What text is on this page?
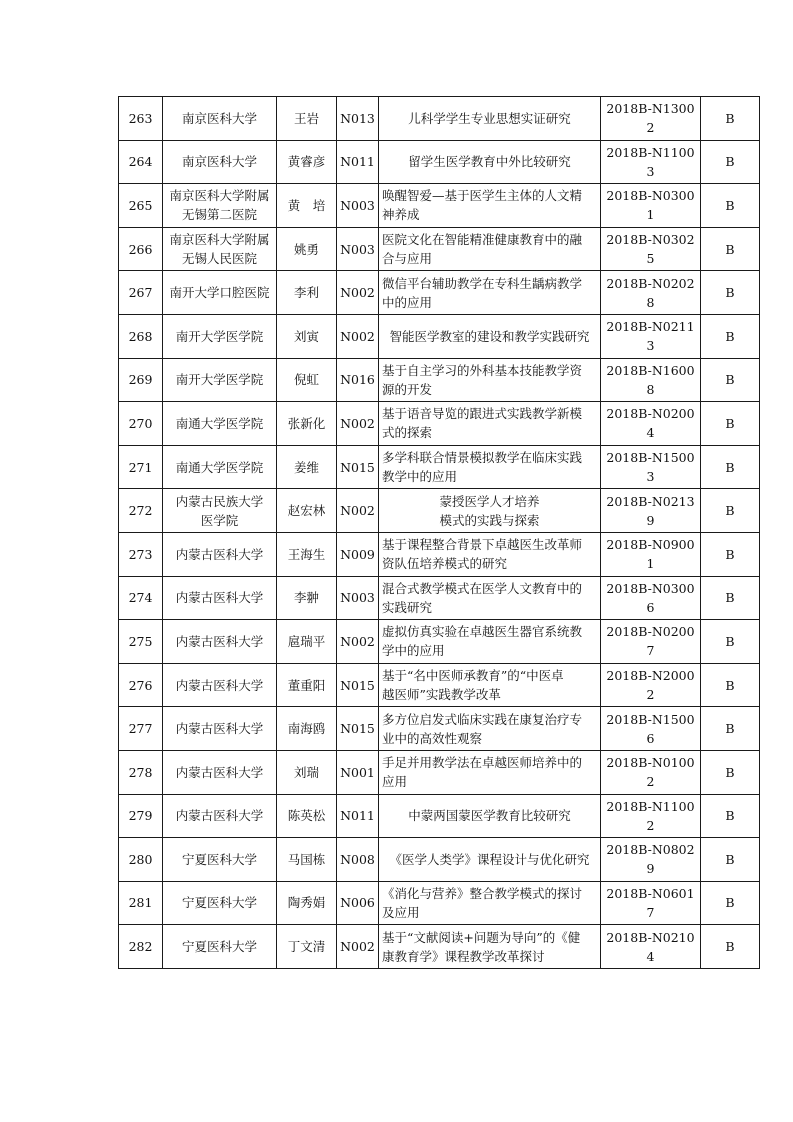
263	南京医科大学	王岩	N013	儿科学学生专业思想实证研究	2018B-N13002	B
264	南京医科大学	黄睿彦	N011	留学生医学教育中外比较研究	2018B-N11003	B
265	南京医科大学附属
无锡第二医院	黄　培	N003	唤醒智爱—基于医学生主体的人文精
神养成	2018B-N03001	B
266	南京医科大学附属
无锡人民医院	姚勇	N003	医院文化在智能精准健康教育中的融
合与应用	2018B-N03025	B
267	南开大学口腔医院	李利	N002	微信平台辅助教学在专科生龋病教学
中的应用	2018B-N02028	B
268	南开大学医学院	刘寅	N002	智能医学教室的建设和教学实践研究	2018B-N02113	B
269	南开大学医学院	倪虹	N016	基于自主学习的外科基本技能教学资
源的开发	2018B-N16008	B
270	南通大学医学院	张新化	N002	基于语音导览的跟进式实践教学新模
式的探索	2018B-N02004	B
271	南通大学医学院	姜维	N015	多学科联合情景模拟教学在临床实践
教学中的应用	2018B-N15003	B
272	内蒙古民族大学
医学院	赵宏林	N002	蒙授医学人才培养
模式的实践与探索	2018B-N02139	B
273	内蒙古医科大学	王海生	N009	基于课程整合背景下卓越医生改革师
资队伍培养模式的研究	2018B-N09001	B
274	内蒙古医科大学	李翀	N003	混合式教学模式在医学人文教育中的
实践研究	2018B-N03006	B
275	内蒙古医科大学	扈瑞平	N002	虚拟仿真实验在卓越医生器官系统教
学中的应用	2018B-N02007	B
276	内蒙古医科大学	董重阳	N015	基于“名中医师承教育”的“中医卓
越医师”实践教学改革	2018B-N20002	B
277	内蒙古医科大学	南海鸥	N015	多方位启发式临床实践在康复治疗专
业中的高效性观察	2018B-N15006	B
278	内蒙古医科大学	刘瑞	N001	手足并用教学法在卓越医师培养中的
应用	2018B-N01002	B
279	内蒙古医科大学	陈英松	N011	中蒙两国蒙医学教育比较研究	2018B-N11002	B
280	宁夏医科大学	马国栋	N008	《医学人类学》课程设计与优化研究	2018B-N08029	B
281	宁夏医科大学	陶秀娟	N006	《消化与营养》整合教学模式的探讨
及应用	2018B-N06017	B
282	宁夏医科大学	丁文清	N002	基于“文献阅读+问题为导向”的《健
康教育学》课程教学改革探讨	2018B-N02104	B
